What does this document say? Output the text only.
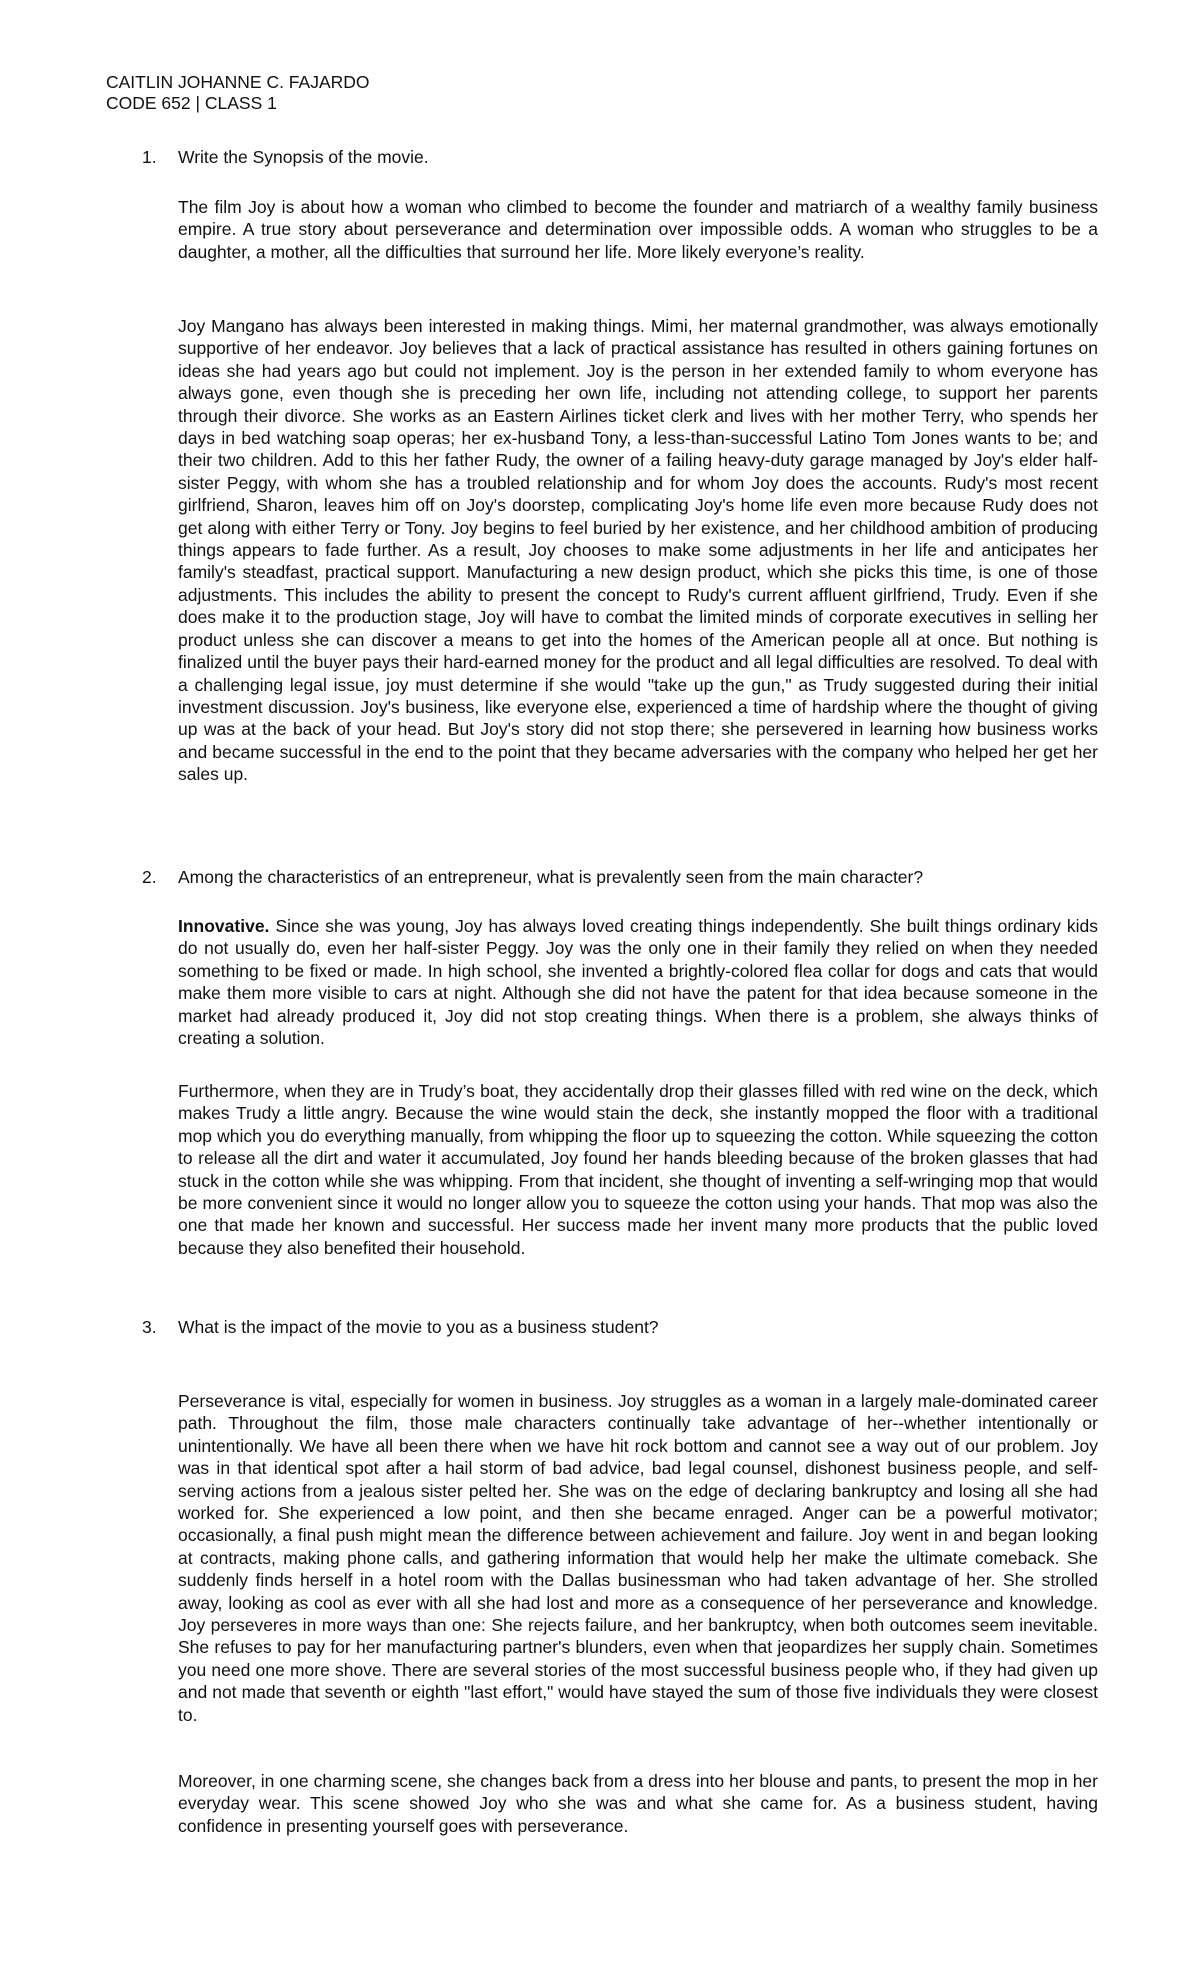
CAITLIN JOHANNE C. FAJARDO
CODE 652 | CLASS 1
1. Write the Synopsis of the movie.

The film Joy is about how a woman who climbed to become the founder and matriarch of a wealthy family business empire. A true story about perseverance and determination over impossible odds. A woman who struggles to be a daughter, a mother, all the difficulties that surround her life. More likely everyone’s reality.

Joy Mangano has always been interested in making things. Mimi, her maternal grandmother, was always emotionally supportive of her endeavor. Joy believes that a lack of practical assistance has resulted in others gaining fortunes on ideas she had years ago but could not implement. Joy is the person in her extended family to whom everyone has always gone, even though she is preceding her own life, including not attending college, to support her parents through their divorce. She works as an Eastern Airlines ticket clerk and lives with her mother Terry, who spends her days in bed watching soap operas; her ex-husband Tony, a less-than-successful Latino Tom Jones wants to be; and their two children. Add to this her father Rudy, the owner of a failing heavy-duty garage managed by Joy's elder half-sister Peggy, with whom she has a troubled relationship and for whom Joy does the accounts. Rudy's most recent girlfriend, Sharon, leaves him off on Joy's doorstep, complicating Joy's home life even more because Rudy does not get along with either Terry or Tony. Joy begins to feel buried by her existence, and her childhood ambition of producing things appears to fade further. As a result, Joy chooses to make some adjustments in her life and anticipates her family's steadfast, practical support. Manufacturing a new design product, which she picks this time, is one of those adjustments. This includes the ability to present the concept to Rudy's current affluent girlfriend, Trudy. Even if she does make it to the production stage, Joy will have to combat the limited minds of corporate executives in selling her product unless she can discover a means to get into the homes of the American people all at once. But nothing is finalized until the buyer pays their hard-earned money for the product and all legal difficulties are resolved. To deal with a challenging legal issue, joy must determine if she would "take up the gun," as Trudy suggested during their initial investment discussion. Joy's business, like everyone else, experienced a time of hardship where the thought of giving up was at the back of your head. But Joy's story did not stop there; she persevered in learning how business works and became successful in the end to the point that they became adversaries with the company who helped her get her sales up.

2. Among the characteristics of an entrepreneur, what is prevalently seen from the main character?

Innovative. Since she was young, Joy has always loved creating things independently. She built things ordinary kids do not usually do, even her half-sister Peggy. Joy was the only one in their family they relied on when they needed something to be fixed or made. In high school, she invented a brightly-colored flea collar for dogs and cats that would make them more visible to cars at night. Although she did not have the patent for that idea because someone in the market had already produced it, Joy did not stop creating things. When there is a problem, she always thinks of creating a solution.

Furthermore, when they are in Trudy’s boat, they accidentally drop their glasses filled with red wine on the deck, which makes Trudy a little angry. Because the wine would stain the deck, she instantly mopped the floor with a traditional mop which you do everything manually, from whipping the floor up to squeezing the cotton. While squeezing the cotton to release all the dirt and water it accumulated, Joy found her hands bleeding because of the broken glasses that had stuck in the cotton while she was whipping. From that incident, she thought of inventing a self-wringing mop that would be more convenient since it would no longer allow you to squeeze the cotton using your hands. That mop was also the one that made her known and successful. Her success made her invent many more products that the public loved because they also benefited their household.

3. What is the impact of the movie to you as a business student?

Perseverance is vital, especially for women in business. Joy struggles as a woman in a largely male-dominated career path. Throughout the film, those male characters continually take advantage of her--whether intentionally or unintentionally. We have all been there when we have hit rock bottom and cannot see a way out of our problem. Joy was in that identical spot after a hail storm of bad advice, bad legal counsel, dishonest business people, and self-serving actions from a jealous sister pelted her. She was on the edge of declaring bankruptcy and losing all she had worked for. She experienced a low point, and then she became enraged. Anger can be a powerful motivator; occasionally, a final push might mean the difference between achievement and failure. Joy went in and began looking at contracts, making phone calls, and gathering information that would help her make the ultimate comeback. She suddenly finds herself in a hotel room with the Dallas businessman who had taken advantage of her. She strolled away, looking as cool as ever with all she had lost and more as a consequence of her perseverance and knowledge. Joy perseveres in more ways than one: She rejects failure, and her bankruptcy, when both outcomes seem inevitable. She refuses to pay for her manufacturing partner's blunders, even when that jeopardizes her supply chain. Sometimes you need one more shove. There are several stories of the most successful business people who, if they had given up and not made that seventh or eighth "last effort," would have stayed the sum of those five individuals they were closest to.

Moreover, in one charming scene, she changes back from a dress into her blouse and pants, to present the mop in her everyday wear. This scene showed Joy who she was and what she came for. As a business student, having confidence in presenting yourself goes with perseverance.
